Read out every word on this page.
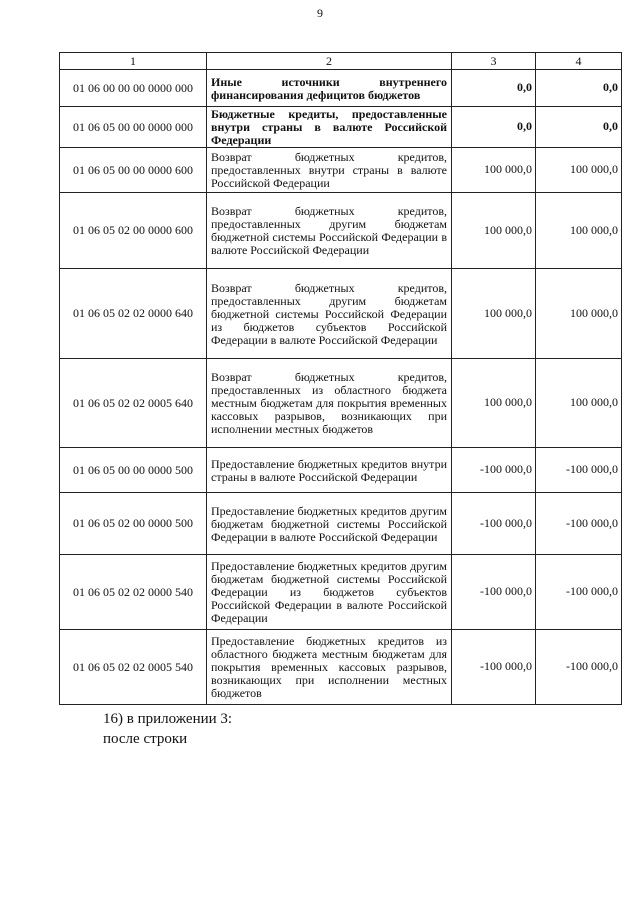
9
1	2	3	4
01 06 00 00 00 0000 000	Иные источники внутреннего финансирования дефицитов бюджетов	0,0	0,0
01 06 05 00 00 0000 000	Бюджетные кредиты, предоставленные внутри страны в валюте Российской Федерации	0,0	0,0
01 06 05 00 00 0000 600	Возврат бюджетных кредитов, предоставленных внутри страны в валюте Российской Федерации	100 000,0	100 000,0
01 06 05 02 00 0000 600	Возврат бюджетных кредитов, предоставленных другим бюджетам бюджетной системы Российской Федерации в валюте Российской Федерации	100 000,0	100 000,0
01 06 05 02 02 0000 640	Возврат бюджетных кредитов, предоставленных другим бюджетам бюджетной системы Российской Федерации из бюджетов субъектов Российской Федерации в валюте Российской Федерации	100 000,0	100 000,0
01 06 05 02 02 0005 640	Возврат бюджетных кредитов, предоставленных из областного бюджета местным бюджетам для покрытия временных кассовых разрывов, возникающих при исполнении местных бюджетов	100 000,0	100 000,0
01 06 05 00 00 0000 500	Предоставление бюджетных кредитов внутри страны в валюте Российской Федерации	-100 000,0	-100 000,0
01 06 05 02 00 0000 500	Предоставление бюджетных кредитов другим бюджетам бюджетной системы Российской Федерации в валюте Российской Федерации	-100 000,0	-100 000,0
01 06 05 02 02 0000 540	Предоставление бюджетных кредитов другим бюджетам бюджетной системы Российской Федерации из бюджетов субъектов Российской Федерации в валюте Российской Федерации	-100 000,0	-100 000,0
01 06 05 02 02 0005 540	Предоставление бюджетных кредитов из областного бюджета местным бюджетам для покрытия временных кассовых разрывов, возникающих при исполнении местных бюджетов	-100 000,0	-100 000,0
16) в приложении 3:
после строки
